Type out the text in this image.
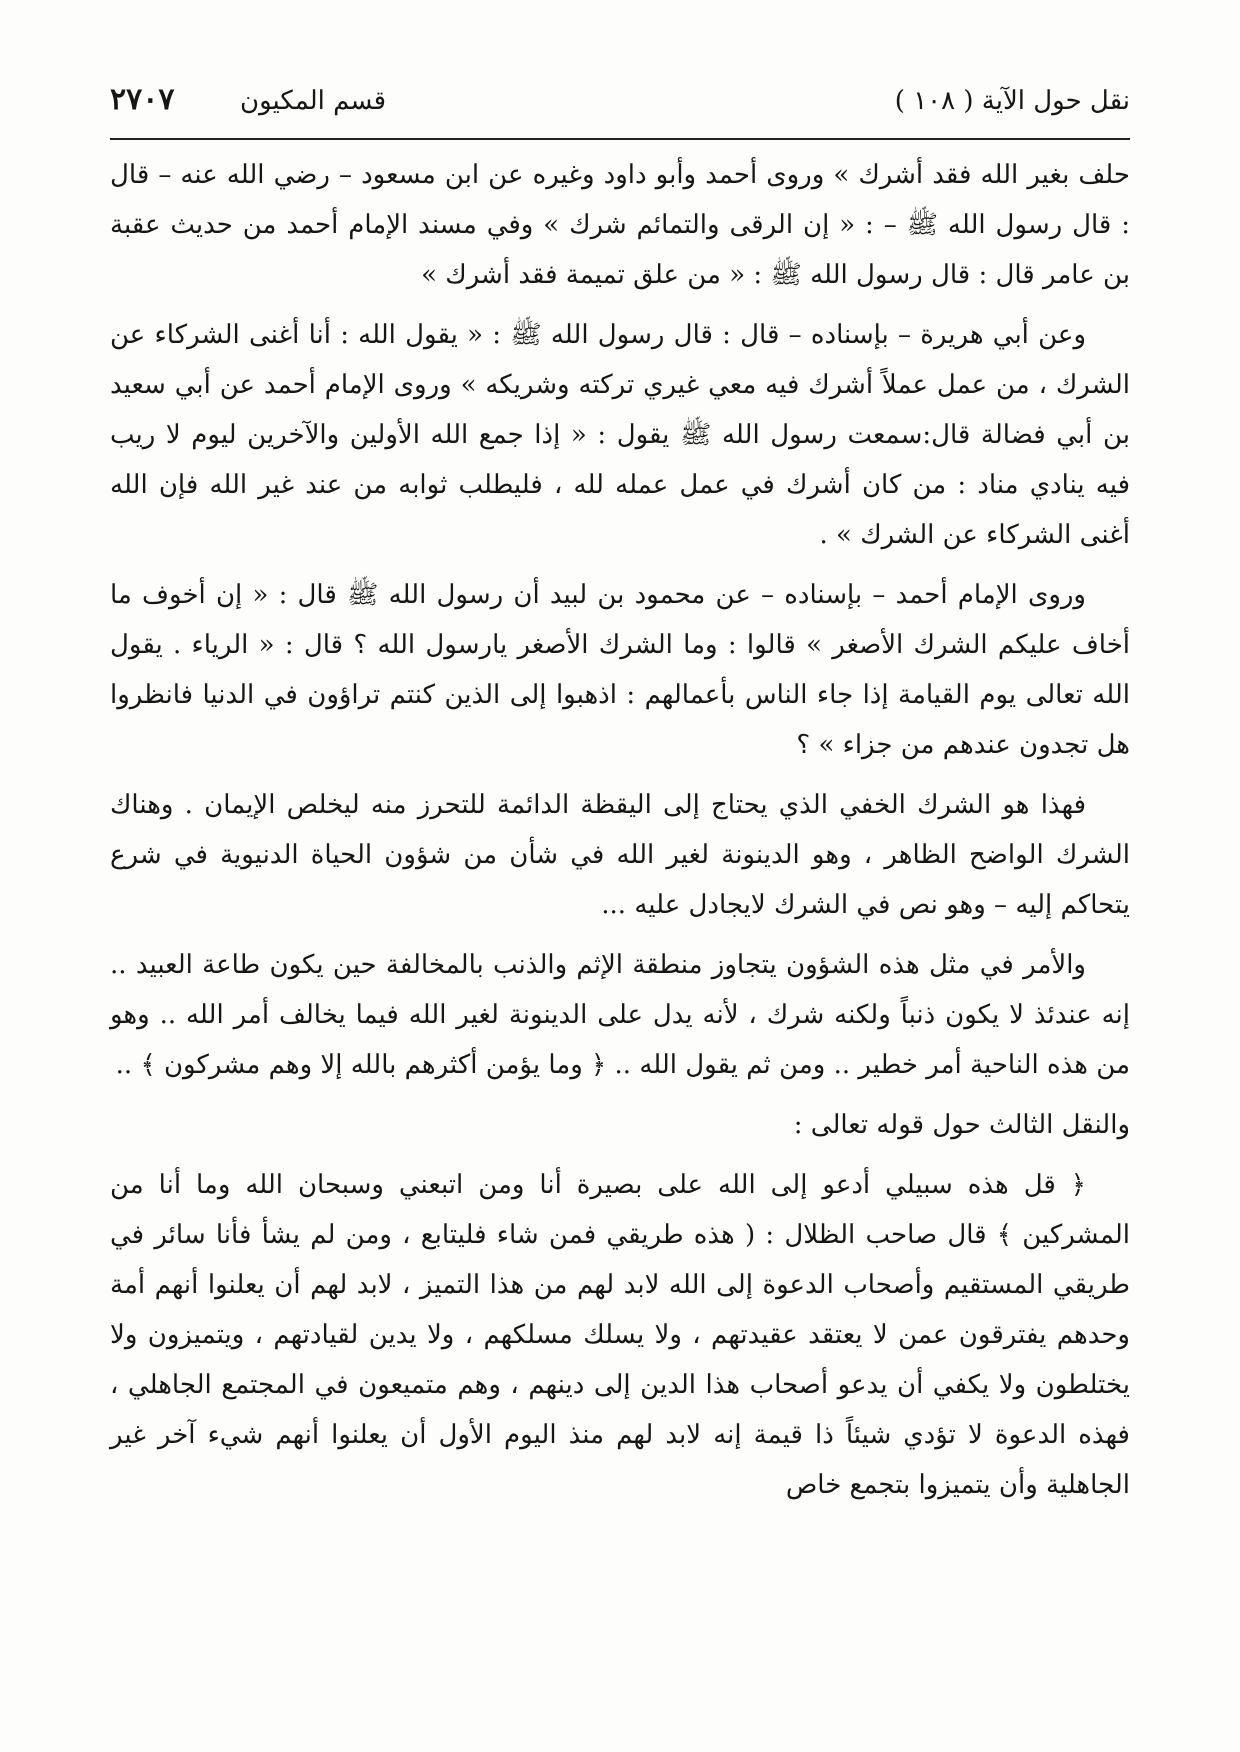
نقل حول الآية ( ١٠٨ )
قسم المكيون
٢٧٠٧

حلف بغير الله فقد أشرك » وروى أحمد وأبو داود وغيره عن ابن مسعود – رضي الله عنه – قال : قال رسول الله ﷺ – : « إن الرقى والتمائم شرك » وفي مسند الإمام أحمد من حديث عقبة بن عامر قال : قال رسول الله ﷺ : « من علق تميمة فقد أشرك »

وعن أبي هريرة – بإسناده – قال : قال رسول الله ﷺ : « يقول الله : أنا أغنى الشركاء عن الشرك ، من عمل عملاً أشرك فيه معي غيري تركته وشريكه » وروى الإمام أحمد عن أبي سعيد بن أبي فضالة قال:سمعت رسول الله ﷺ يقول : « إذا جمع الله الأولين والآخرين ليوم لا ريب فيه ينادي مناد : من كان أشرك في عمل عمله لله ، فليطلب ثوابه من عند غير الله فإن الله أغنى الشركاء عن الشرك » .

وروى الإمام أحمد – بإسناده – عن محمود بن لبيد أن رسول الله ﷺ قال : « إن أخوف ما أخاف عليكم الشرك الأصغر » قالوا : وما الشرك الأصغر يارسول الله ؟ قال : « الرياء . يقول الله تعالى يوم القيامة إذا جاء الناس بأعمالهم : اذهبوا إلى الذين كنتم تراؤون في الدنيا فانظروا هل تجدون عندهم من جزاء » ؟

فهذا هو الشرك الخفي الذي يحتاج إلى اليقظة الدائمة للتحرز منه ليخلص الإيمان . وهناك الشرك الواضح الظاهر ، وهو الدينونة لغير الله في شأن من شؤون الحياة الدنيوية في شرع يتحاكم إليه – وهو نص في الشرك لايجادل عليه ...

والأمر في مثل هذه الشؤون يتجاوز منطقة الإثم والذنب بالمخالفة حين يكون طاعة العبيد .. إنه عندئذ لا يكون ذنباً ولكنه شرك ، لأنه يدل على الدينونة لغير الله فيما يخالف أمر الله .. وهو من هذه الناحية أمر خطير .. ومن ثم يقول الله .. ﴿ وما يؤمن أكثرهم بالله إلا وهم مشركون ﴾ ..

والنقل الثالث حول قوله تعالى :

﴿ قل هذه سبيلي أدعو إلى الله على بصيرة أنا ومن اتبعني وسبحان الله وما أنا من المشركين ﴾ قال صاحب الظلال : ( هذه طريقي فمن شاء فليتابع ، ومن لم يشأ فأنا سائر في طريقي المستقيم وأصحاب الدعوة إلى الله لابد لهم من هذا التميز ، لابد لهم أن يعلنوا أنهم أمة وحدهم يفترقون عمن لا يعتقد عقيدتهم ، ولا يسلك مسلكهم ، ولا يدين لقيادتهم ، ويتميزون ولا يختلطون ولا يكفي أن يدعو أصحاب هذا الدين إلى دينهم ، وهم متميعون في المجتمع الجاهلي ، فهذه الدعوة لا تؤدي شيئاً ذا قيمة إنه لابد لهم منذ اليوم الأول أن يعلنوا أنهم شيء آخر غير الجاهلية وأن يتميزوا بتجمع خاص
